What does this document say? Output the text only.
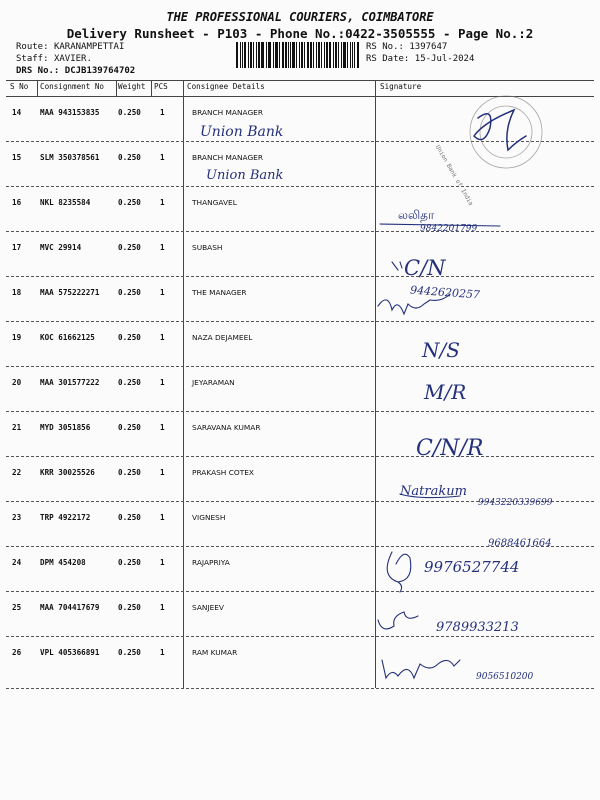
THE PROFESSIONAL COURIERS, COIMBATORE
Delivery Runsheet - P103 - Phone No.:0422-3505555 - Page No.:2
Route: KARANAMPETTAI
Staff: XAVIER.
DRS No.: DCJB139764702
RS No.: 1397647
RS Date: 15-Jul-2024
S No Consignment No Weight PCS	Consignee Details	Signature
14 MAA 943153835 0.250	1	BRANCH MANAGER
15 SLM 350378561 0.250	1	BRANCH MANAGER
16 NKL 8235584	0.250	1	THANGAVEL
17 MVC 29914	0.250	1	SUBASH
18 MAA 575222271 0.250	1	THE MANAGER
19 KOC 61662125	0.250	1	NAZA DEJAMEEL
20 MAA 301577222 0.250	1	JEYARAMAN
21 MYD 3051856	0.250	1	SARAVANA KUMAR
22 KRR 30025526	0.250	1	PRAKASH COTEX
23 TRP 4922172	0.250	1	VIGNESH
24 DPM 454208	0.250	1	RAJAPRIYA
25 MAA 704417679 0.250	1	SANJEEV
26 VPL 405366891 0.250	1	RAM KUMAR
Union Bank of India
Union Bank
Union Bank
லலிதா
9842201799
C/N
9442620257
N/S
M/R
C/N/R
Natrakum
9943220339699
9688461664
9976527744
9789933213
9056510200
